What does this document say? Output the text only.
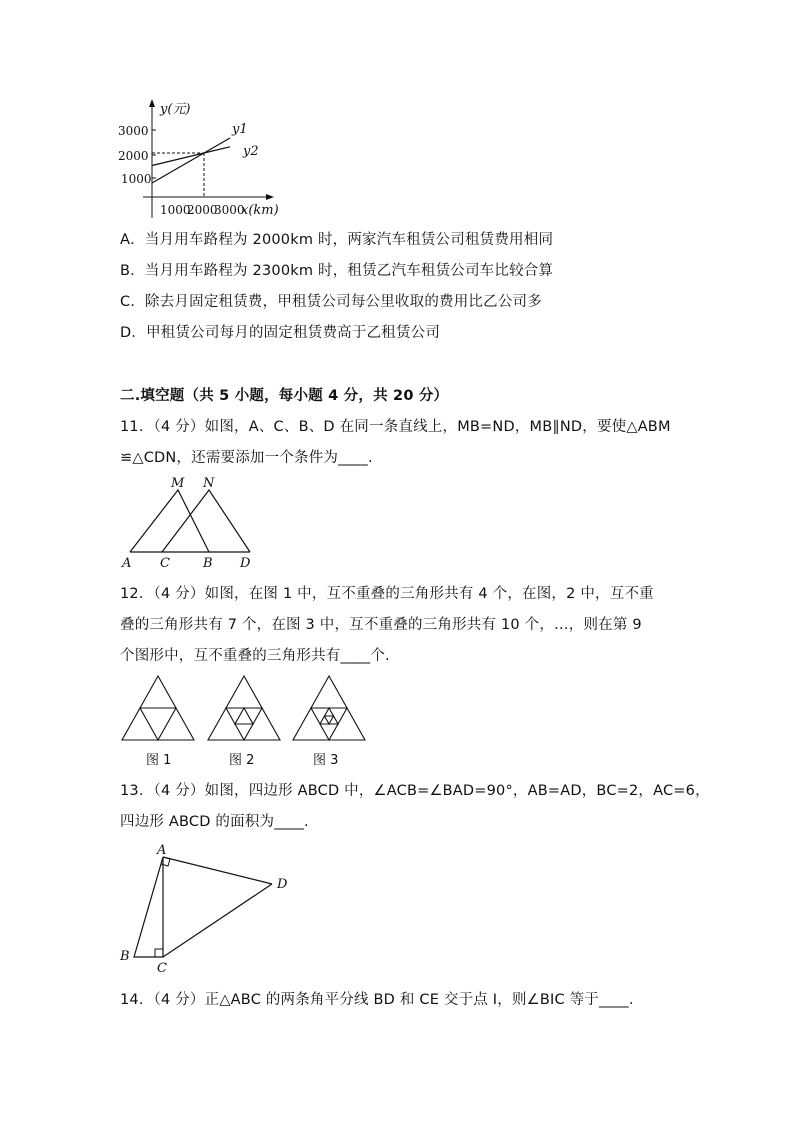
y(元)
3000
2000
1000
1000
2000
3000
x(km)
y1
y2
A．当月用车路程为 2000km 时，两家汽车租赁公司租赁费用相同
B．当月用车路程为 2300km 时，租赁乙汽车租赁公司车比较合算
C．除去月固定租赁费，甲租赁公司每公里收取的费用比乙公司多
D．甲租赁公司每月的固定租赁费高于乙租赁公司
二.填空题（共 5 小题，每小题 4 分，共 20 分）
11．（4 分）如图，A、C、B、D 在同一条直线上，MB=ND，MB∥ND，要使△ABM
≌△CDN，还需要添加一个条件为____.
M N
A C	B D
12．（4 分）如图，在图 1 中，互不重叠的三角形共有 4 个，在图，2 中，互不重
叠的三角形共有 7 个，在图 3 中，互不重叠的三角形共有 10 个，…，则在第 9
个图形中，互不重叠的三角形共有____个.
图 1	图 2	图 3
13．（4 分）如图，四边形 ABCD 中，∠ACB=∠BAD=90°，AB=AD，BC=2，AC=6，
四边形 ABCD 的面积为____.
A
D
B
C
14．（4 分）正△ABC 的两条角平分线 BD 和 CE 交于点 I，则∠BIC 等于____.
